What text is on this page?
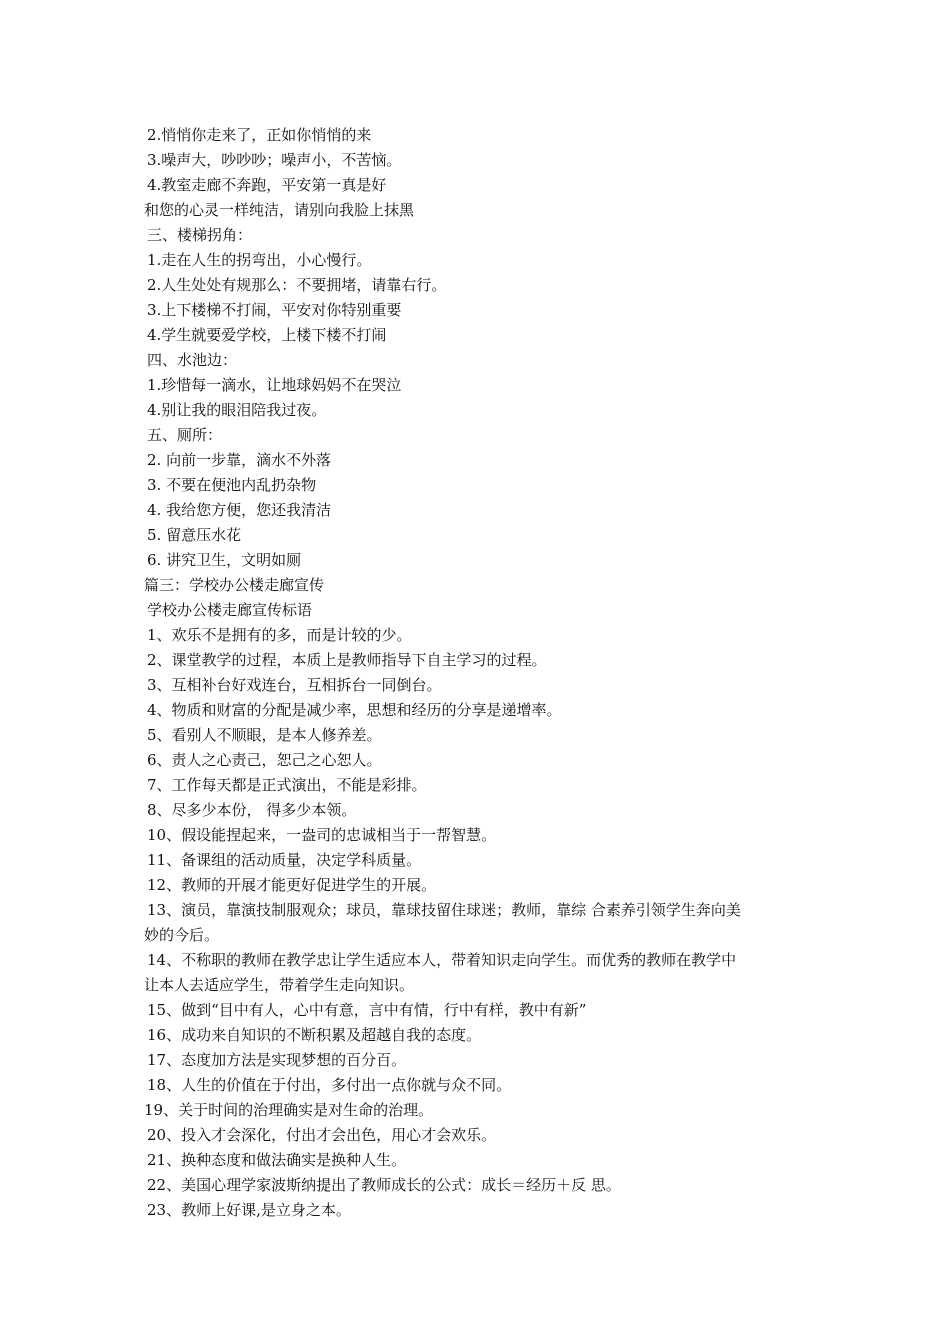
2.悄悄你走来了，正如你悄悄的来
3.噪声大，吵吵吵；噪声小，不苦恼。
4.教室走廊不奔跑，平安第一真是好
和您的心灵一样纯洁，请别向我脸上抹黑
三、楼梯拐角：
1.走在人生的拐弯出，小心慢行。
2.人生处处有规那么：不要拥堵，请靠右行。
3.上下楼梯不打闹，平安对你特别重要
4.学生就要爱学校，上楼下楼不打闹
四、水池边：
1.珍惜每一滴水，让地球妈妈不在哭泣
4.别让我的眼泪陪我过夜。
五、厕所：
2. 向前一步靠，滴水不外落
3. 不要在便池内乱扔杂物
4. 我给您方便，您还我清洁
5. 留意压水花
6. 讲究卫生，文明如厕
篇三：学校办公楼走廊宣传
学校办公楼走廊宣传标语
1、欢乐不是拥有的多，而是计较的少。
2、课堂教学的过程，本质上是教师指导下自主学习的过程。
3、互相补台好戏连台，互相拆台一同倒台。
4、物质和财富的分配是减少率，思想和经历的分享是递增率。
5、看别人不顺眼，是本人修养差。
6、责人之心责己，恕己之心恕人。
7、工作每天都是正式演出，不能是彩排。
8、尽多少本份， 得多少本领。
10、假设能捏起来，一盎司的忠诚相当于一帮智慧。
11、备课组的活动质量，决定学科质量。
12、教师的开展才能更好促进学生的开展。
13、演员，靠演技制服观众；球员，靠球技留住球迷；教师，靠综 合素养引领学生奔向美
妙的今后。
14、不称职的教师在教学忠让学生适应本人，带着知识走向学生。而优秀的教师在教学中
让本人去适应学生，带着学生走向知识。
15、做到“目中有人，心中有意，言中有情，行中有样，教中有新”
16、成功来自知识的不断积累及超越自我的态度。
17、态度加方法是实现梦想的百分百。
18、人生的价值在于付出，多付出一点你就与众不同。
19、关于时间的治理确实是对生命的治理。
20、投入才会深化，付出才会出色，用心才会欢乐。
21、换种态度和做法确实是换种人生。
22、美国心理学家波斯纳提出了教师成长的公式：成长＝经历＋反 思。
23、教师上好课,是立身之本。
